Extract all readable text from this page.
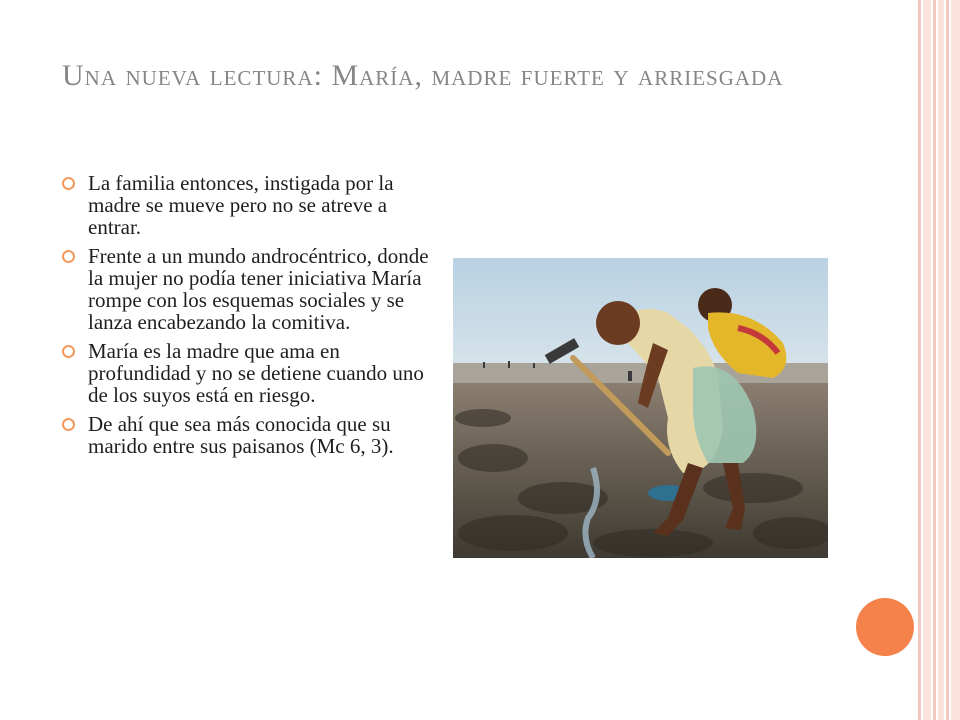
Una nueva lectura: María, madre fuerte y arriesgada
La familia entonces, instigada por la madre se mueve pero no se atreve a entrar.
Frente a un mundo androcéntrico, donde la mujer no podía tener iniciativa María rompe con los esquemas sociales y se lanza encabezando la comitiva.
María es la madre que ama en profundidad y no se detiene cuando uno de los suyos está en riesgo.
De ahí que sea más conocida que su marido entre sus paisanos (Mc 6, 3).
